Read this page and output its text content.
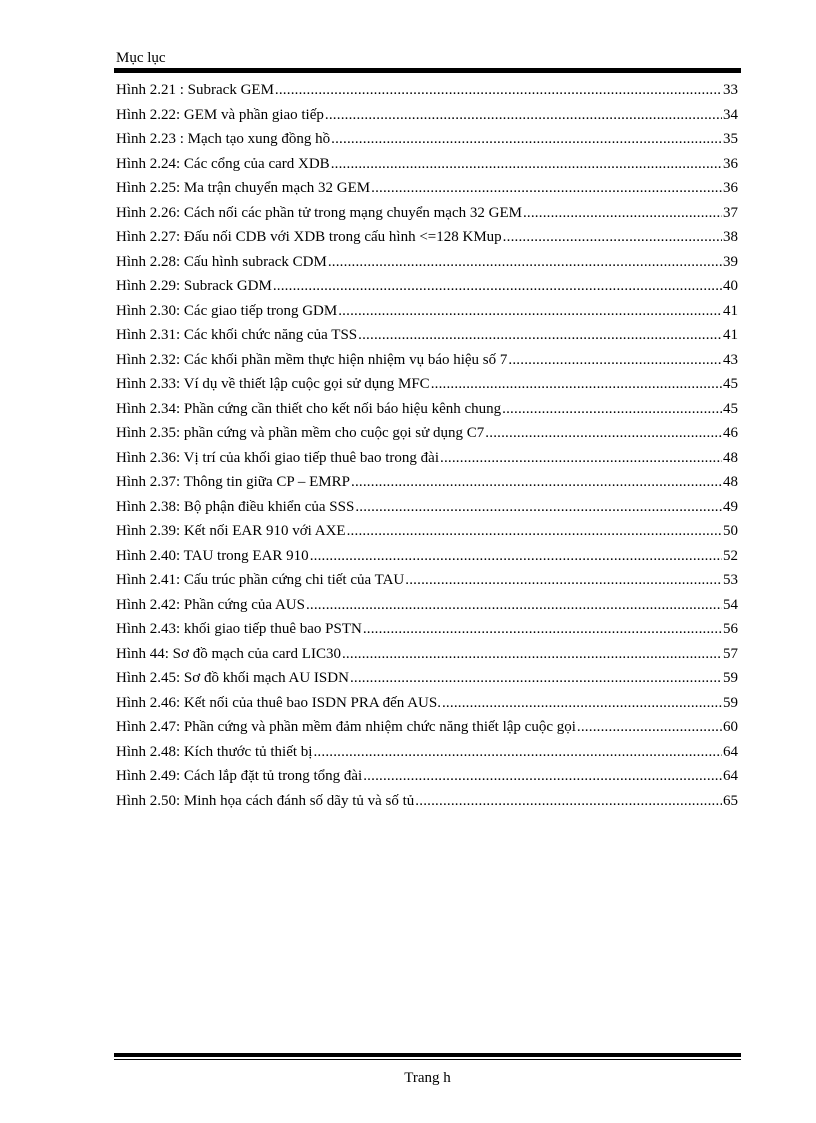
Mục lục
Hình 2.21 : Subrack GEM .....	33
Hình 2.22: GEM và phần giao tiếp .....	34
Hình 2.23 : Mạch tạo xung đồng hồ .....	35
Hình 2.24: Các cổng của card XDB .....	36
Hình 2.25: Ma trận chuyển mạch 32 GEM .....	36
Hình 2.26: Cách nối các phần tử trong mạng chuyển mạch 32 GEM .....	37
Hình 2.27: Đấu nối CDB với XDB trong cấu hình <=128 KMup .....	38
Hình 2.28: Cấu hình subrack CDM .....	39
Hình 2.29: Subrack GDM .....	40
Hình 2.30: Các giao tiếp trong GDM .....	41
Hình 2.31: Các khối chức năng của TSS .....	41
Hình 2.32: Các khối phần mềm thực hiện nhiệm vụ báo hiệu số 7 .....	43
Hình 2.33: Ví dụ về thiết lập cuộc gọi sử dụng MFC .....	45
Hình 2.34: Phần cứng cần thiết cho kết nối báo hiệu kênh chung .....	45
Hình 2.35: phần cứng và phần mềm cho cuộc gọi sử dụng C7 .....	46
Hình 2.36: Vị trí của khối giao tiếp thuê bao trong đài .....	48
Hình 2.37: Thông tin giữa CP – EMRP .....	48
Hình 2.38: Bộ phận điều khiển của SSS .....	49
Hình 2.39: Kết nối EAR 910 với AXE .....	50
Hình 2.40: TAU trong EAR 910 .....	52
Hình 2.41: Cấu trúc phần cứng chi tiết của TAU .....	53
Hình 2.42: Phần cứng của AUS .....	54
Hình 2.43: khối giao tiếp thuê bao PSTN .....	56
Hình 44: Sơ đồ mạch của card LIC30 .....	57
Hình 2.45: Sơ đồ khối mạch AU ISDN .....	59
Hình 2.46: Kết nối của thuê bao ISDN PRA đến AUS. .....	59
Hình 2.47: Phần cứng và phần mềm đảm nhiệm chức năng thiết lập cuộc gọi .....	60
Hình 2.48: Kích thước tủ thiết bị .....	64
Hình 2.49: Cách lắp đặt tủ trong tổng đài .....	64
Hình 2.50: Minh họa cách đánh số dãy tủ và số tủ .....	65
Trang h
